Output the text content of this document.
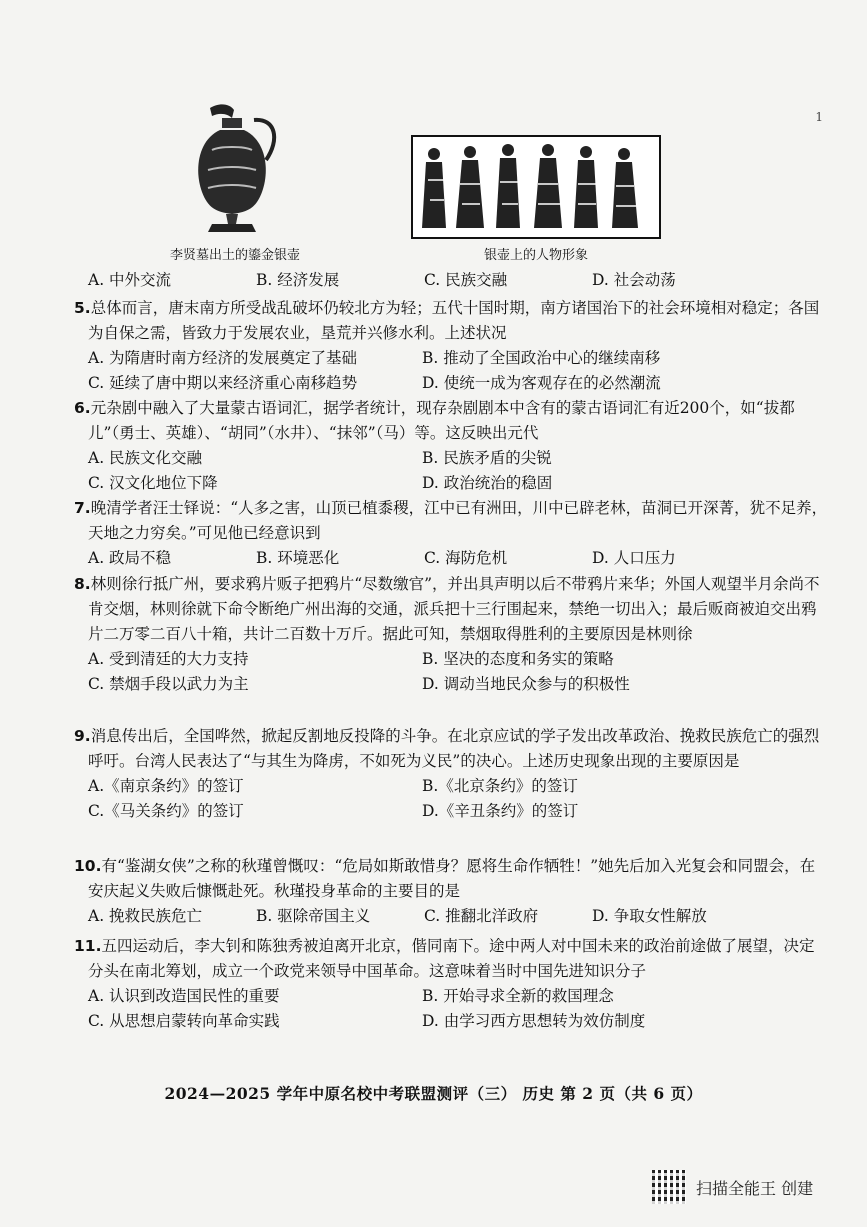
李贤墓出土的鎏金银壶	银壶上的人物形象
1
A. 中外交流	B. 经济发展	C. 民族交融	D. 社会动荡

5.总体而言，唐末南方所受战乱破坏仍较北方为轻；五代十国时期，南方诸国治下的社会环境相对稳定；各国为自保之需，皆致力于发展农业，垦荒并兴修水利。上述状况

A. 为隋唐时南方经济的发展奠定了基础	B. 推动了全国政治中心的继续南移
C. 延续了唐中期以来经济重心南移趋势	D. 使统一成为客观存在的必然潮流

6.元杂剧中融入了大量蒙古语词汇，据学者统计，现存杂剧剧本中含有的蒙古语词汇有近200个，如“拔都儿”（勇士、英雄）、“胡同”（水井）、“抹邻”（马）等。这反映出元代

A. 民族文化交融	B. 民族矛盾的尖锐
C. 汉文化地位下降	D. 政治统治的稳固

7.晚清学者汪士铎说：“人多之害，山顶已植黍稷，江中已有洲田，川中已辟老林，苗洞已开深菁，犹不足养，天地之力穷矣。”可见他已经意识到

A. 政局不稳	B. 环境恶化	C. 海防危机	D. 人口压力

8.林则徐行抵广州，要求鸦片贩子把鸦片“尽数缴官”，并出具声明以后不带鸦片来华；外国人观望半月余尚不肯交烟，林则徐就下命令断绝广州出海的交通，派兵把十三行围起来，禁绝一切出入；最后贩商被迫交出鸦片二万零二百八十箱，共计二百数十万斤。据此可知，禁烟取得胜利的主要原因是林则徐

A. 受到清廷的大力支持	B. 坚决的态度和务实的策略
C. 禁烟手段以武力为主	D. 调动当地民众参与的积极性

9.消息传出后，全国哗然，掀起反割地反投降的斗争。在北京应试的学子发出改革政治、挽救民族危亡的强烈呼吁。台湾人民表达了“与其生为降虏，不如死为义民”的决心。上述历史现象出现的主要原因是

A.《南京条约》的签订	B.《北京条约》的签订
C.《马关条约》的签订	D.《辛丑条约》的签订

10.有“鉴湖女侠”之称的秋瑾曾慨叹：“危局如斯敢惜身？愿将生命作牺牲！”她先后加入光复会和同盟会，在安庆起义失败后慷慨赴死。秋瑾投身革命的主要目的是

A. 挽救民族危亡	B. 驱除帝国主义	C. 推翻北洋政府	D. 争取女性解放

11.五四运动后，李大钊和陈独秀被迫离开北京，偕同南下。途中两人对中国未来的政治前途做了展望，决定分头在南北筹划，成立一个政党来领导中国革命。这意味着当时中国先进知识分子

A. 认识到改造国民性的重要	B. 开始寻求全新的救国理念
C. 从思想启蒙转向革命实践	D. 由学习西方思想转为效仿制度
2024—2025 学年中原名校中考联盟测评（三） 历史 第 2 页（共 6 页）
扫描全能王 创建
